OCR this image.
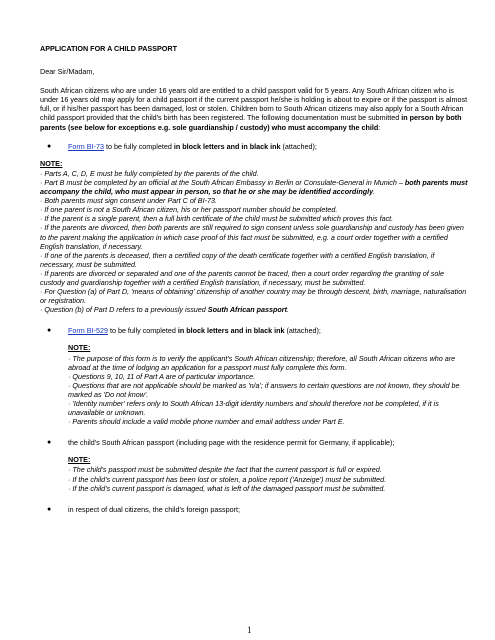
APPLICATION FOR A CHILD PASSPORT

Dear Sir/Madam,

South African citizens who are under 16 years old are entitled to a child passport valid for 5 years. Any South African citizen who is under 16 years old may apply for a child passport if the current passport he/she is holding is about to expire or if the passport is almost full, or if his/her passport has been damaged, lost or stolen. Children born to South African citizens may also apply for a South African child passport provided that the child's birth has been registered. The following documentation must be submitted in person by both parents (see below for exceptions e.g. sole guardianship / custody) who must accompany the child:

● Form BI-73 to be fully completed in block letters and in black ink (attached);
NOTE:
· Parts A, C, D, E must be fully completed by the parents of the child.
· Part B must be completed by an official at the South African Embassy in Berlin or Consulate-General in Munich – both parents must accompany the child, who must appear in person, so that he or she may be identified accordingly.
· Both parents must sign consent under Part C of BI-73.
· If one parent is not a South African citizen, his or her passport number should be completed.
· If the parent is a single parent, then a full birth certificate of the child must be submitted which proves this fact.
· If the parents are divorced, then both parents are still required to sign consent unless sole guardianship and custody has been given to the parent making the application in which case proof of this fact must be submitted, e.g. a court order together with a certified English translation, if necessary.
· If one of the parents is deceased, then a certified copy of the death certificate together with a certified English translation, if necessary, must be submitted.
· If parents are divorced or separated and one of the parents cannot be traced, then a court order regarding the granting of sole custody and guardianship together with a certified English translation, if necessary, must be submitted.
· For Question (a) of Part D, 'means of obtaining' citizenship of another country may be through descent, birth, marriage, naturalisation or registration.
· Question (b) of Part D refers to a previously issued South African passport.
● Form BI-529 to be fully completed in block letters and in black ink (attached);
NOTE:
· The purpose of this form is to verify the applicant's South African citizenship; therefore, all South African citizens who are abroad at the time of lodging an application for a passport must fully complete this form.
· Questions 9, 10, 11 of Part A are of particular importance.
· Questions that are not applicable should be marked as 'n/a'; if answers to certain questions are not known, they should be marked as 'Do not know'.
· 'Identity number' refers only to South African 13-digit identity numbers and should therefore not be completed, if it is unavailable or unknown.
· Parents should include a valid mobile phone number and email address under Part E.
● the child's South African passport (including page with the residence permit for Germany, if applicable);
NOTE:
· The child's passport must be submitted despite the fact that the current passport is full or expired.
· If the child's current passport has been lost or stolen, a police report ('Anzeige') must be submitted.
· If the child's current passport is damaged, what is left of the damaged passport must be submitted.
● in respect of dual citizens, the child's foreign passport;
1
